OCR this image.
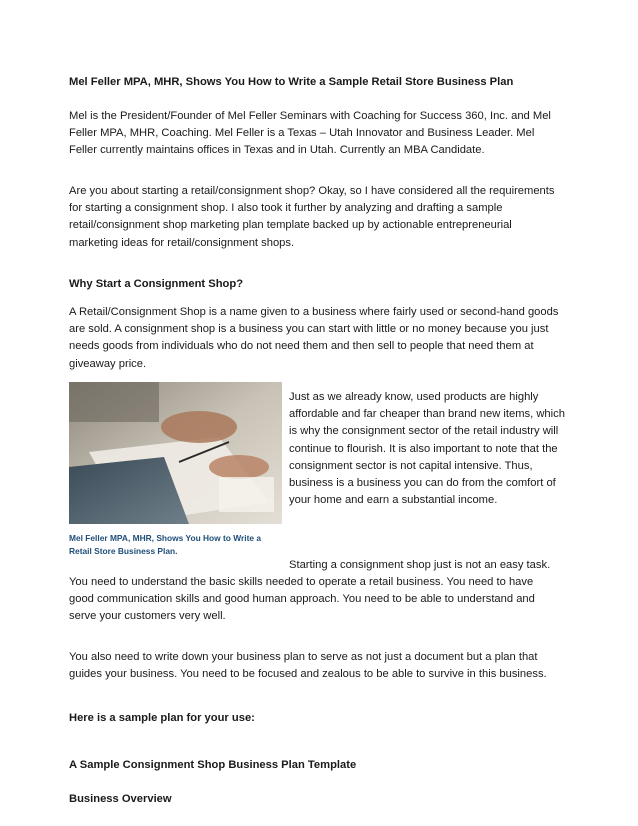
Mel Feller MPA, MHR, Shows You How to Write a Sample Retail Store Business Plan

Mel is the President/Founder of Mel Feller Seminars with Coaching for Success 360, Inc. and Mel Feller MPA, MHR, Coaching. Mel Feller is a Texas – Utah Innovator and Business Leader. Mel Feller currently maintains offices in Texas and in Utah. Currently an MBA Candidate.

Are you about starting a retail/consignment shop? Okay, so I have considered all the requirements for starting a consignment shop. I also took it further by analyzing and drafting a sample retail/consignment shop marketing plan template backed up by actionable entrepreneurial marketing ideas for retail/consignment shops.

Why Start a Consignment Shop?

A Retail/Consignment Shop is a name given to a business where fairly used or second-hand goods are sold. A consignment shop is a business you can start with little or no money because you just needs goods from individuals who do not need them and then sell to people that need them at giveaway price.

Mel Feller MPA, MHR, Shows You How to Write a Retail Store Business Plan.

Just as we already know, used products are highly affordable and far cheaper than brand new items, which is why the consignment sector of the retail industry will continue to flourish. It is also important to note that the consignment sector is not capital intensive. Thus, business is a business you can do from the comfort of your home and earn a substantial income.

Starting a consignment shop just is not an easy task.

You need to understand the basic skills needed to operate a retail business. You need to have good communication skills and good human approach. You need to be able to understand and serve your customers very well.

You also need to write down your business plan to serve as not just a document but a plan that guides your business. You need to be focused and zealous to be able to survive in this business.

Here is a sample plan for your use:

A Sample Consignment Shop Business Plan Template

Business Overview
